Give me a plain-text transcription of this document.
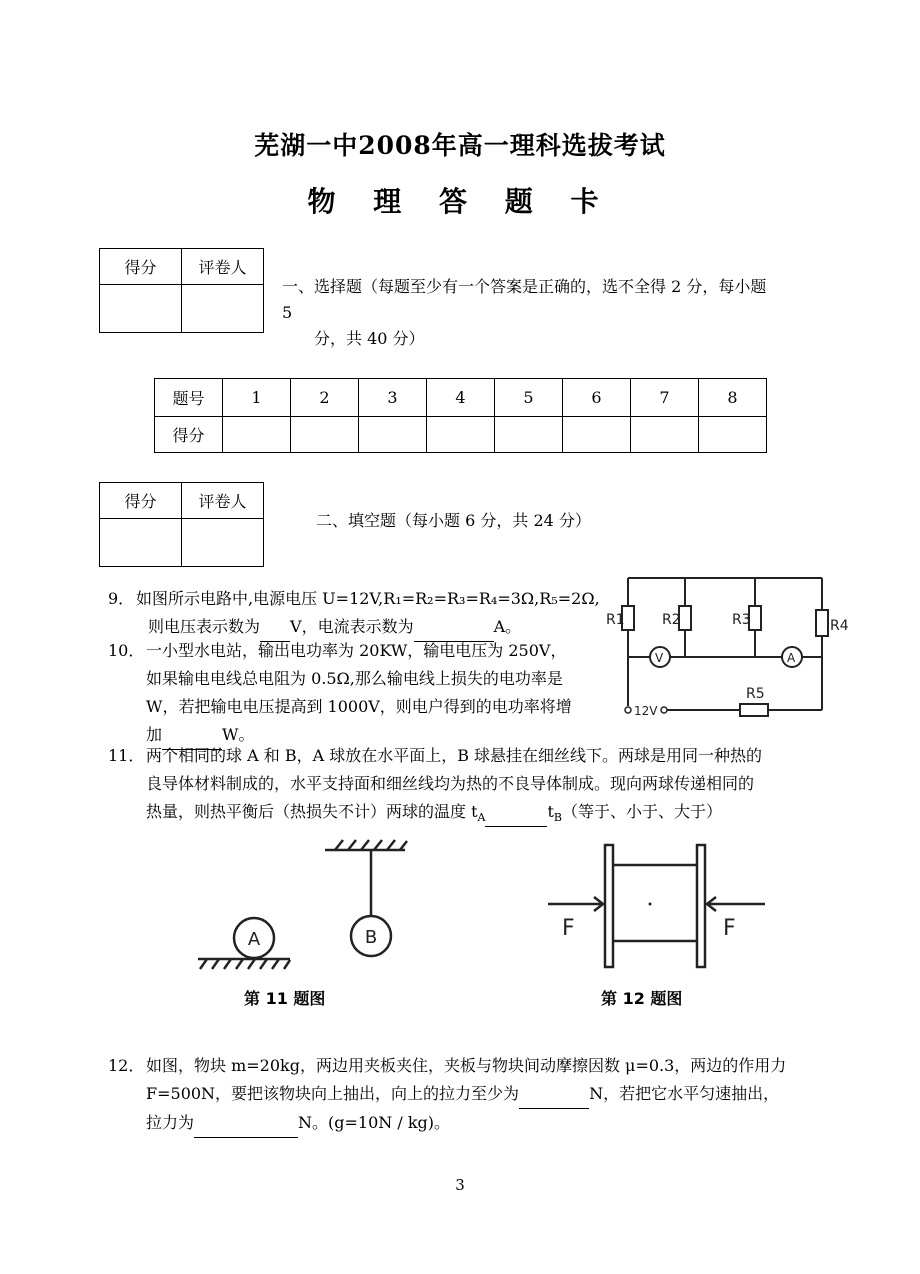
芜湖一中2008年高一理科选拔考试
物 理 答 题 卡
得分	评卷人

一、选择题（每题至少有一个答案是正确的，选不全得 2 分，每小题
5
分，共 40 分）
题号	1	2	3	4	5	6	7	8
得分								
得分	评卷人

二、填空题（每小题 6 分，共 24 分）
9． 如图所示电路中,电源电压 U=12V,R₁=R₂=R₃=R₄=3Ω,R₅=2Ω,
则电压表示数为 V，电流表示数为	A。
10． 一小型水电站，输出电功率为 20KW，输电电压为 250V，
如果输电电线总电阻为 0.5Ω,那么输电线上损失的电功率是
W，若把输电电压提高到 1000V，则电户得到的电功率将增
加	W。
R1	R2	R3	R4
V	A
R5
12V
11． 两个相同的球 A 和 B，A 球放在水平面上，B 球悬挂在细丝线下。两球是用同一种热的
良导体材料制成的，水平支持面和细丝线均为热的不良导体制成。现向两球传递相同的
热量，则热平衡后（热损失不计）两球的温度 $t_A$	$t_B$（等于、小于、大于）
A	B
第 11 题图
F	F
第 12 题图
12． 如图，物块 m=20kg，两边用夹板夹住，夹板与物块间动摩擦因数 μ=0.3，两边的作用力
F=500N，要把该物块向上抽出，向上的拉力至少为	N，若把它水平匀速抽出，
拉力为	N。(g=10N / kg)。
3
